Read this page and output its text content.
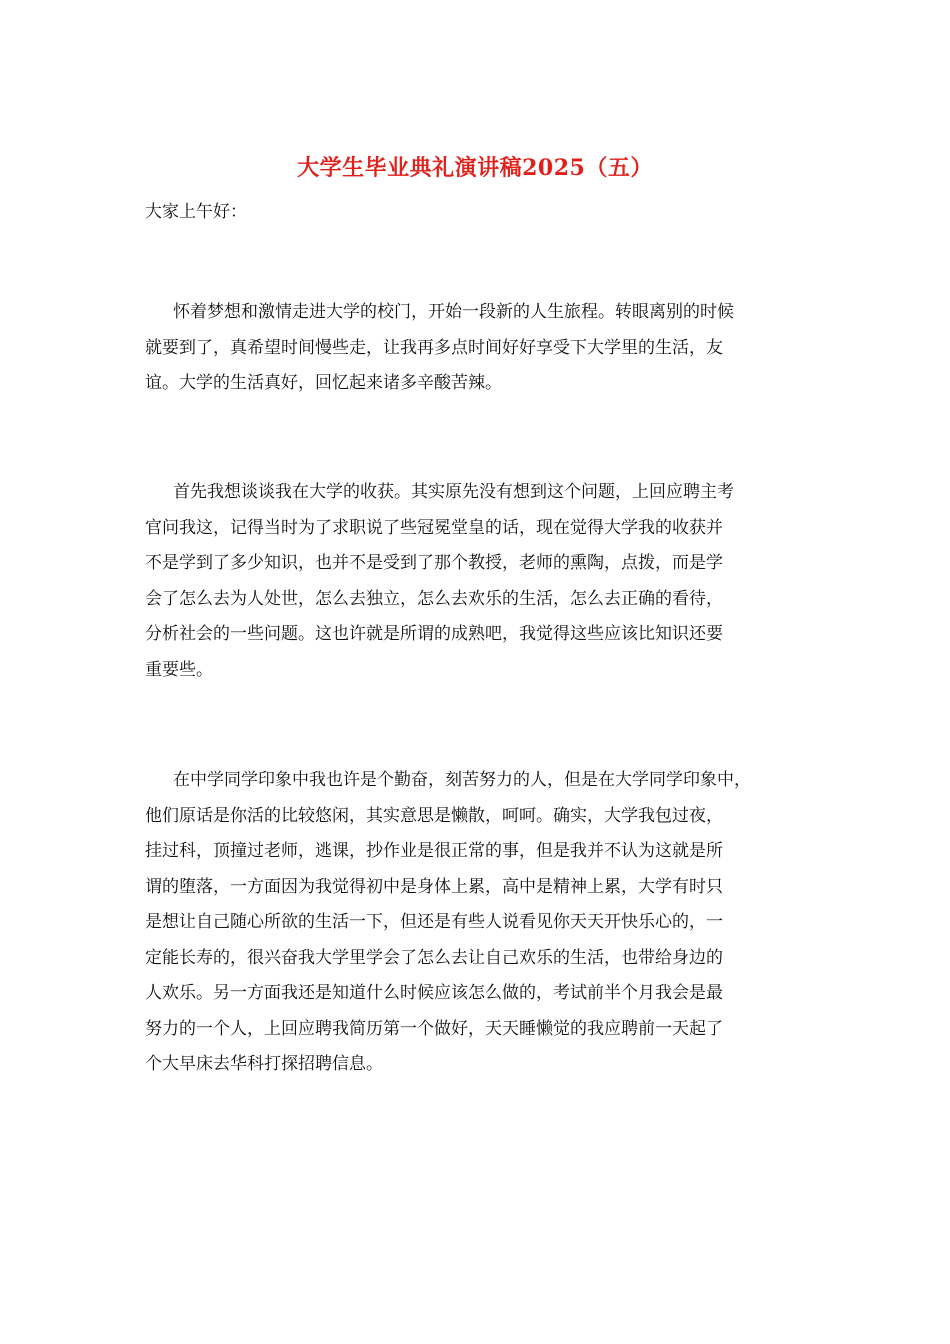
大学生毕业典礼演讲稿2025（五）
大家上午好：
怀着梦想和激情走进大学的校门，开始一段新的人生旅程。转眼离别的时候
就要到了，真希望时间慢些走，让我再多点时间好好享受下大学里的生活，友
谊。大学的生活真好，回忆起来诸多辛酸苦辣。
首先我想谈谈我在大学的收获。其实原先没有想到这个问题，上回应聘主考
官问我这，记得当时为了求职说了些冠冕堂皇的话，现在觉得大学我的收获并
不是学到了多少知识，也并不是受到了那个教授，老师的熏陶，点拨，而是学
会了怎么去为人处世，怎么去独立，怎么去欢乐的生活，怎么去正确的看待，
分析社会的一些问题。这也许就是所谓的成熟吧，我觉得这些应该比知识还要
重要些。
在中学同学印象中我也许是个勤奋，刻苦努力的人，但是在大学同学印象中，
他们原话是你活的比较悠闲，其实意思是懒散，呵呵。确实，大学我包过夜，
挂过科，顶撞过老师，逃课，抄作业是很正常的事，但是我并不认为这就是所
谓的堕落，一方面因为我觉得初中是身体上累，高中是精神上累，大学有时只
是想让自己随心所欲的生活一下，但还是有些人说看见你天天开快乐心的，一
定能长寿的，很兴奋我大学里学会了怎么去让自己欢乐的生活，也带给身边的
人欢乐。另一方面我还是知道什么时候应该怎么做的，考试前半个月我会是最
努力的一个人，上回应聘我简历第一个做好，天天睡懒觉的我应聘前一天起了
个大早床去华科打探招聘信息。
